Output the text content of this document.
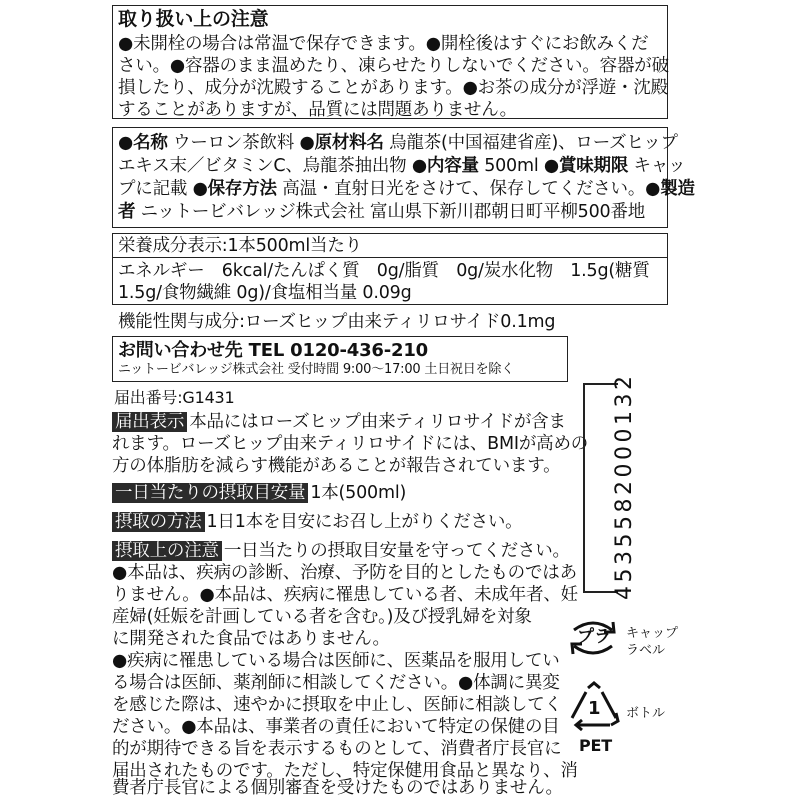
取り扱い上の注意
●未開栓の場合は常温で保存できます。●開栓後はすぐにお飲みくだ
さい。●容器のまま温めたり、凍らせたりしないでください。容器が破
損したり、成分が沈殿することがあります。●お茶の成分が浮遊・沈殿
することがありますが、品質には問題ありません。
●名称 ウーロン茶飲料 ●原材料名 烏龍茶(中国福建省産)、ローズヒップ
エキス末／ビタミンC、烏龍茶抽出物 ●内容量 500ml ●賞味期限 キャッ
プに記載 ●保存方法 高温・直射日光をさけて、保存してください。●製造
者 ニットービバレッジ株式会社 富山県下新川郡朝日町平柳500番地
栄養成分表示:1本500ml当たり
エネルギー　6kcal/たんぱく質　0g/脂質　0g/炭水化物　1.5g(糖質
1.5g/食物繊維 0g)/食塩相当量 0.09g
機能性関与成分:ローズヒップ由来ティリロサイド0.1mg
お問い合わせ先 TEL 0120-436-210
ニットービバレッジ株式会社 受付時間 9:00～17:00 土日祝日を除く
届出番号:G1431
届出表示 本品にはローズヒップ由来ティリロサイドが含ま
れます。ローズヒップ由来ティリロサイドには、BMIが高めの
方の体脂肪を減らす機能があることが報告されています。
一日当たりの摂取目安量 1本(500ml)
摂取の方法 1日1本を目安にお召し上がりください。
摂取上の注意 一日当たりの摂取目安量を守ってください。
●本品は、疾病の診断、治療、予防を目的としたものではあ
りません。●本品は、疾病に罹患している者、未成年者、妊
産婦(妊娠を計画している者を含む。)及び授乳婦を対象
に開発された食品ではありません。
●疾病に罹患している場合は医師に、医薬品を服用してい
る場合は医師、薬剤師に相談してください。●体調に異変
を感じた際は、速やかに摂取を中止し、医師に相談してく
ださい。●本品は、事業者の責任において特定の保健の目
的が期待できる旨を表示するものとして、消費者庁長官に
届出されたものです。ただし、特定保健用食品と異なり、消
費者庁長官による個別審査を受けたものではありません。
4535582000132
プラ キャップ
ラベル
1
PET
ボトル
